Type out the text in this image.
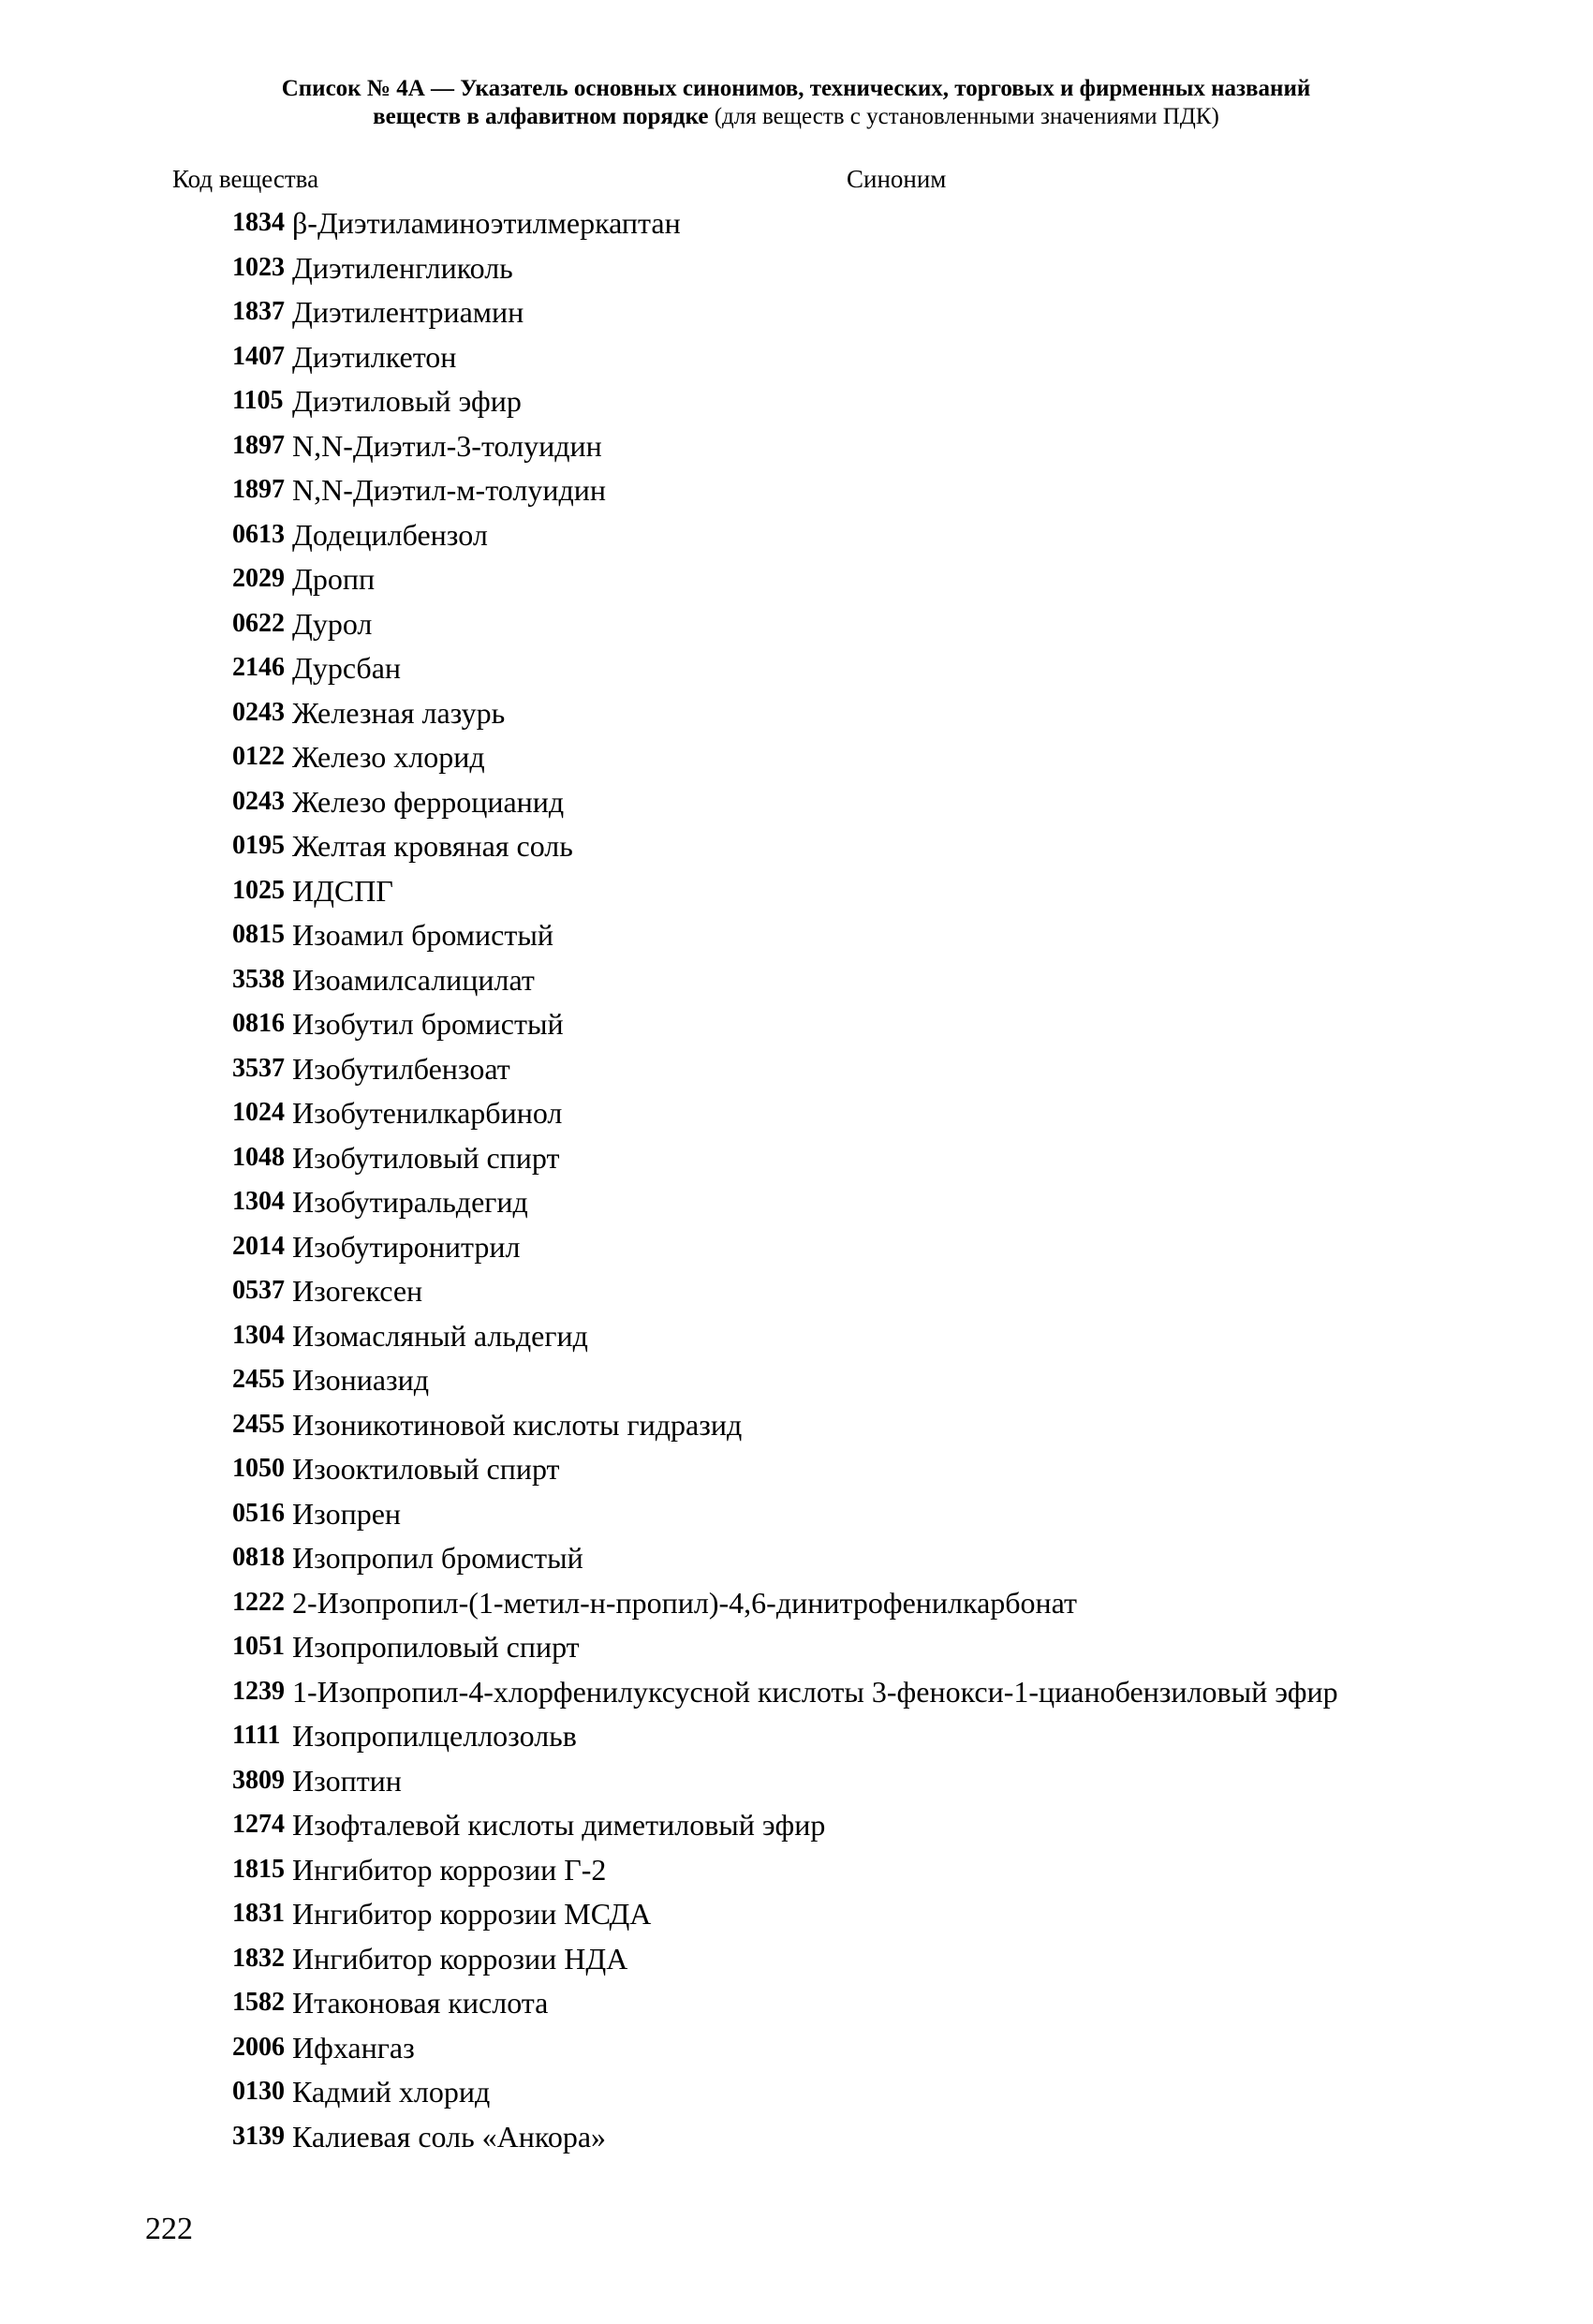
Список № 4А — Указатель основных синонимов, технических, торговых и фирменных названий
веществ в алфавитном порядке (для веществ с установленными значениями ПДК)
Код вещества	Синоним
1834 β-Диэтиламиноэтилмеркаптан
1023 Диэтиленгликоль
1837 Диэтилентриамин
1407 Диэтилкетон
1105 Диэтиловый эфир
1897 N,N-Диэтил-3-толуидин
1897 N,N-Диэтил-м-толуидин
0613 Додецилбензол
2029 Дропп
0622 Дурол
2146 Дурсбан
0243 Железная лазурь
0122 Железо хлорид
0243 Железо ферроцианид
0195 Желтая кровяная соль
1025 ИДСПГ
0815 Изоамил бромистый
3538 Изоамилсалицилат
0816 Изобутил бромистый
3537 Изобутилбензоат
1024 Изобутенилкарбинол
1048 Изобутиловый спирт
1304 Изобутиральдегид
2014 Изобутиронитрил
0537 Изогексен
1304 Изомасляный альдегид
2455 Изониазид
2455 Изоникотиновой кислоты гидразид
1050 Изооктиловый спирт
0516 Изопрен
0818 Изопропил бромистый
1222 2-Изопропил-(1-метил-н-пропил)-4,6-динитрофенилкарбонат
1051 Изопропиловый спирт
1239 1-Изопропил-4-хлорфенилуксусной кислоты 3-фенокси-1-цианобензиловый эфир
1111 Изопропилцеллозольв
3809 Изоптин
1274 Изофталевой кислоты диметиловый эфир
1815 Ингибитор коррозии Г-2
1831 Ингибитор коррозии МСДА
1832 Ингибитор коррозии НДА
1582 Итаконовая кислота
2006 Ифхангаз
0130 Кадмий хлорид
3139 Калиевая соль «Анкора»
222
